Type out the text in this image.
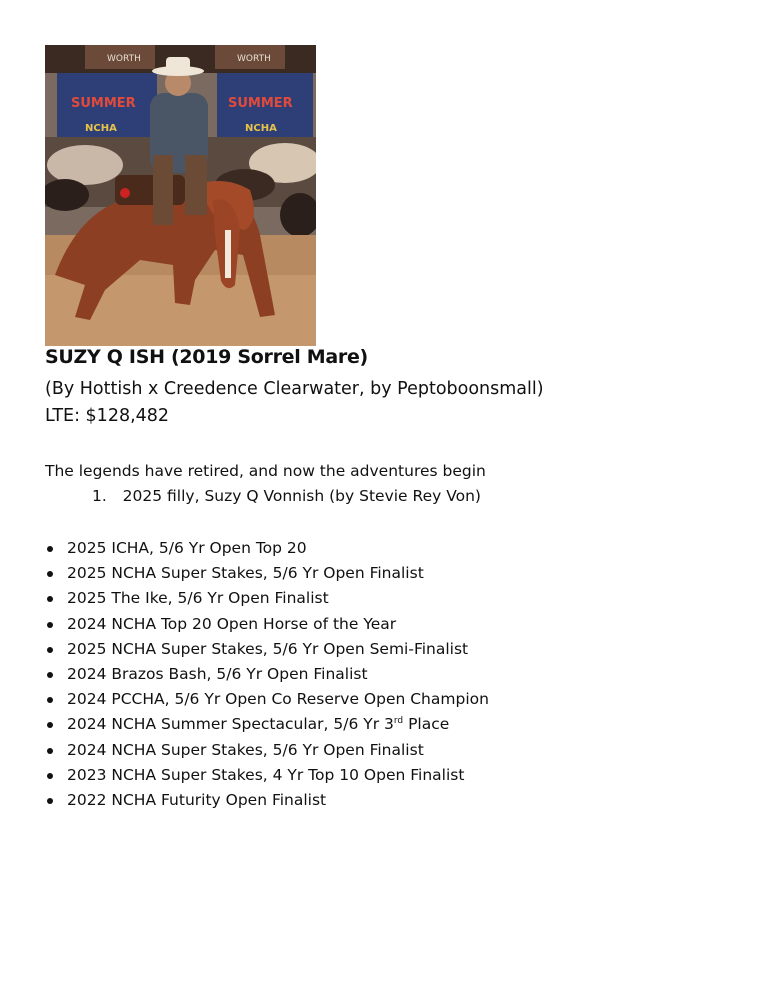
WORTH	WORTH
SUMMER	SUMMER
NCHA	NCHA
SUZY Q ISH (2019 Sorrel Mare)
(By Hottish x Creedence Clearwater, by Peptoboonsmall)
LTE: $128,482
The legends have retired, and now the adventures begin
1. 2025 filly, Suzy Q Vonnish (by Stevie Rey Von)
2025 ICHA, 5/6 Yr Open Top 20
2025 NCHA Super Stakes, 5/6 Yr Open Finalist
2025 The Ike, 5/6 Yr Open Finalist
2024 NCHA Top 20 Open Horse of the Year
2025 NCHA Super Stakes, 5/6 Yr Open Semi-Finalist
2024 Brazos Bash, 5/6 Yr Open Finalist
2024 PCCHA, 5/6 Yr Open Co Reserve Open Champion
2024 NCHA Summer Spectacular, 5/6 Yr 3rd Place
2024 NCHA Super Stakes, 5/6 Yr Open Finalist
2023 NCHA Super Stakes, 4 Yr Top 10 Open Finalist
2022 NCHA Futurity Open Finalist
